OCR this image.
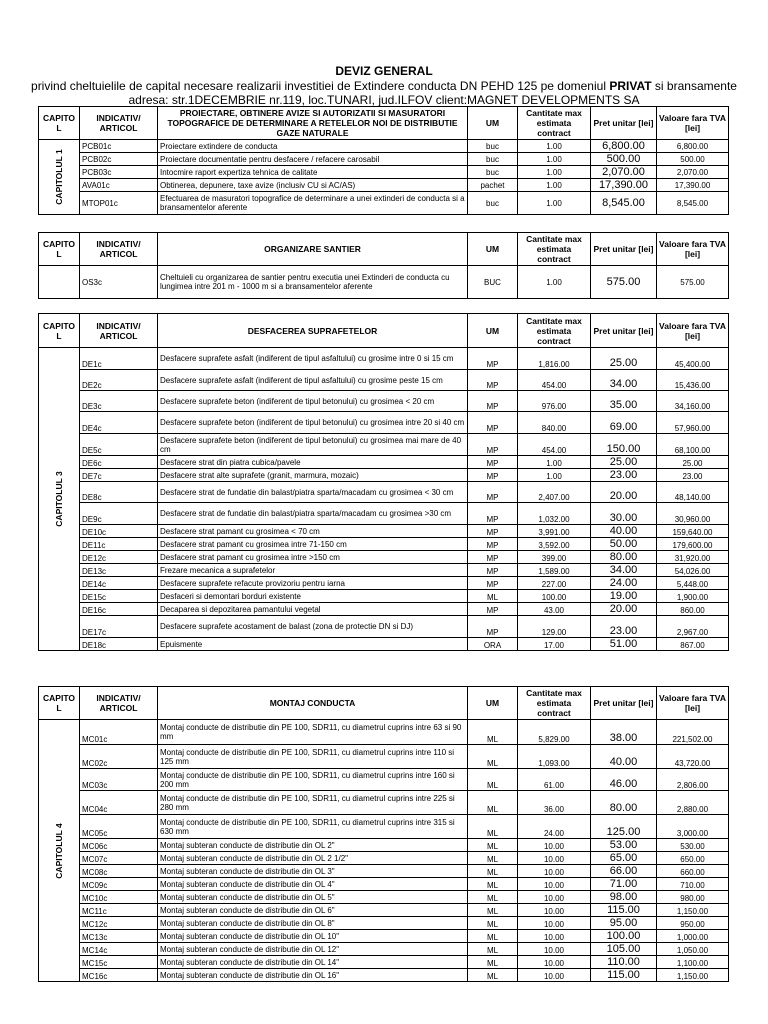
DEVIZ GENERAL
privind cheltuielile de capital necesare realizarii investitiei de Extindere conducta DN PEHD 125 pe domeniul PRIVAT si bransamente
adresa: str.1DECEMBRIE nr.119, loc.TUNARI, jud.ILFOV client:MAGNET DEVELOPMENTS SA
CAPITO L	INDICATIV/ ARTICOL	PROIECTARE, OBTINERE AVIZE SI AUTORIZATII SI MASURATORI TOPOGRAFICE DE DETERMINARE A RETELELOR NOI DE DISTRIBUTIE GAZE NATURALE	UM	Cantitate max estimata contract	Pret unitar [lei]	Valoare fara TVA [lei]

CAPITOLUL 1	PCB01c	Proiectare extindere de conducta	buc	1.00	6,800.00	6,800.00
	PCB02c	Proiectare documentatie pentru desfacere / refacere carosabil	buc	1.00	500.00	500.00
	PCB03c	Intocmire raport expertiza tehnica de calitate	buc	1.00	2,070.00	2,070.00
	AVA01c	Obtinerea, depunere, taxe avize (inclusiv CU si AC/AS)	pachet	1.00	17,390.00	17,390.00
	MTOP01c	Efectuarea de masuratori topografice de determinare a unei extinderi de conducta si a bransamentelor aferente	buc	1.00	8,545.00	8,545.00
CAPITO L	INDICATIV/ ARTICOL	ORGANIZARE SANTIER	UM	Cantitate max estimata contract	Pret unitar [lei]	Valoare fara TVA [lei]

	OS3c	Cheltuieli cu organizarea de santier pentru executia unei Extinderi de conducta cu lungimea intre 201 m - 1000 m si a bransamentelor aferente	BUC	1.00	575.00	575.00
CAPITO L	INDICATIV/ ARTICOL	DESFACEREA SUPRAFETELOR	UM	Cantitate max estimata contract	Pret unitar [lei]	Valoare fara TVA [lei]

CAPITOLUL 3	DE1c	Desfacere suprafete asfalt (indiferent de tipul asfaltului) cu grosime intre 0 si 15 cm	MP	1,816.00	25.00	45,400.00
	DE2c	Desfacere suprafete asfalt (indiferent de tipul asfaltului) cu grosime peste 15 cm	MP	454.00	34.00	15,436.00
	DE3c	Desfacere suprafete beton (indiferent de tipul betonului) cu grosimea < 20 cm	MP	976.00	35.00	34,160.00
	DE4c	Desfacere suprafete beton (indiferent de tipul betonului) cu grosimea intre 20 si 40 cm	MP	840.00	69.00	57,960.00
	DE5c	Desfacere suprafete beton (indiferent de tipul betonului) cu grosimea mai mare de 40 cm	MP	454.00	150.00	68,100.00
	DE6c	Desfacere strat din piatra cubica/pavele	MP	1.00	25.00	25.00
	DE7c	Desfacere strat alte suprafete (granit, marmura, mozaic)	MP	1.00	23.00	23.00
	DE8c	Desfacere strat de fundatie din balast/piatra sparta/macadam cu grosimea < 30 cm	MP	2,407.00	20.00	48,140.00
	DE9c	Desfacere strat de fundatie din balast/piatra sparta/macadam cu grosimea >30 cm	MP	1,032.00	30.00	30,960.00
	DE10c	Desfacere strat pamant cu grosimea < 70 cm	MP	3,991.00	40.00	159,640.00
	DE11c	Desfacere strat pamant cu grosimea intre 71-150 cm	MP	3,592.00	50.00	179,600.00
	DE12c	Desfacere strat pamant cu grosimea intre >150 cm	MP	399.00	80.00	31,920.00
	DE13c	Frezare mecanica a suprafetelor	MP	1,589.00	34.00	54,026.00
	DE14c	Desfacere suprafete refacute provizoriu pentru iarna	MP	227.00	24.00	5,448.00
	DE15c	Desfaceri si demontari borduri existente	ML	100.00	19.00	1,900.00
	DE16c	Decaparea si depozitarea pamantului vegetal	MP	43.00	20.00	860.00
	DE17c	Desfacere suprafete acostament de balast (zona de protectie DN si DJ)	MP	129.00	23.00	2,967.00
	DE18c	Epuismente	ORA	17.00	51.00	867.00
CAPITO L	INDICATIV/ ARTICOL	MONTAJ CONDUCTA	UM	Cantitate max estimata contract	Pret unitar [lei]	Valoare fara TVA [lei]

CAPITOLUL 4	MC01c	Montaj conducte de distributie din PE 100, SDR11, cu diametrul cuprins intre 63 si 90 mm	ML	5,829.00	38.00	221,502.00
	MC02c	Montaj conducte de distributie din PE 100, SDR11, cu diametrul cuprins intre 110 si 125 mm	ML	1,093.00	40.00	43,720.00
	MC03c	Montaj conducte de distributie din PE 100, SDR11, cu diametrul cuprins intre 160 si 200 mm	ML	61.00	46.00	2,806.00
	MC04c	Montaj conducte de distributie din PE 100, SDR11, cu diametrul cuprins intre 225 si 280 mm	ML	36.00	80.00	2,880.00
	MC05c	Montaj conducte de distributie din PE 100, SDR11, cu diametrul cuprins intre 315 si 630 mm	ML	24.00	125.00	3,000.00
	MC06c	Montaj subteran conducte de distributie din OL 2"	ML	10.00	53.00	530.00
	MC07c	Montaj subteran conducte de distributie din OL 2 1/2"	ML	10.00	65.00	650.00
	MC08c	Montaj subteran conducte de distributie din OL 3"	ML	10.00	66.00	660.00
	MC09c	Montaj subteran conducte de distributie din OL 4"	ML	10.00	71.00	710.00
	MC10c	Montaj subteran conducte de distributie din OL 5"	ML	10.00	98.00	980.00
	MC11c	Montaj subteran conducte de distributie din OL 6"	ML	10.00	115.00	1,150.00
	MC12c	Montaj subteran conducte de distributie din OL 8"	ML	10.00	95.00	950.00
	MC13c	Montaj subteran conducte de distributie din OL 10"	ML	10.00	100.00	1,000.00
	MC14c	Montaj subteran conducte de distributie din OL 12"	ML	10.00	105.00	1,050.00
	MC15c	Montaj subteran conducte de distributie din OL 14"	ML	10.00	110.00	1,100.00
	MC16c	Montaj subteran conducte de distributie din OL 16"	ML	10.00	115.00	1,150.00
